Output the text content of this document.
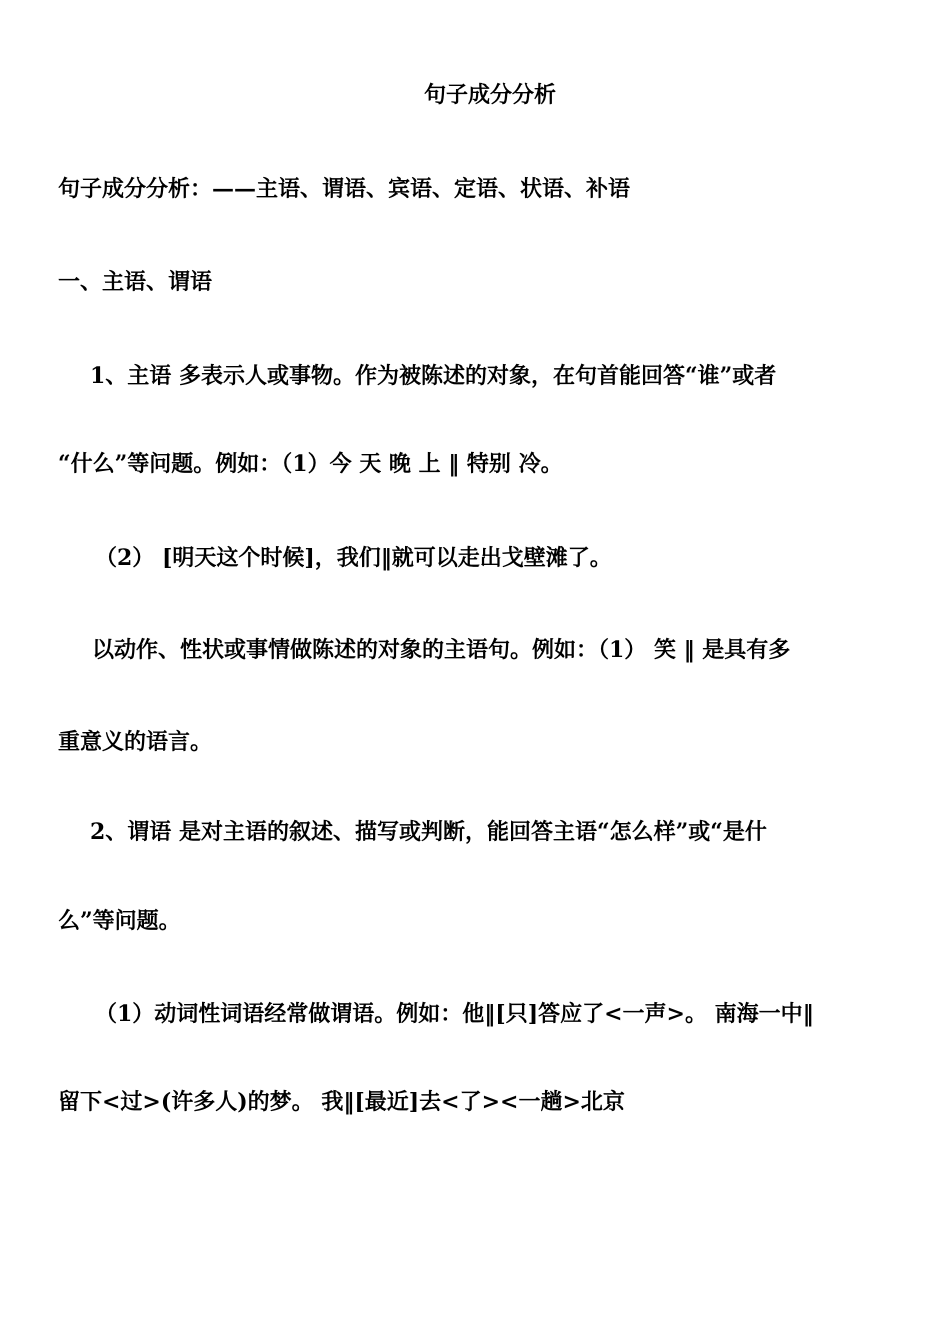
句子成分分析
句子成分分析：——主语、谓语、宾语、定语、状语、补语
一、主语、谓语
1、主语 多表示人或事物。作为被陈述的对象，在句首能回答“谁”或者
“什么”等问题。例如：（1）今 天 晚 上 ‖ 特别 冷。
（2） [明天这个时候]，我们‖就可以走出戈壁滩了。
以动作、性状或事情做陈述的对象的主语句。例如：（1） 笑 ‖ 是具有多
重意义的语言。
2、谓语 是对主语的叙述、描写或判断，能回答主语“怎么样”或“是什
么”等问题。
（1）动词性词语经常做谓语。例如：他‖[只]答应了<一声>。 南海一中‖
留下<过>(许多人)的梦。 我‖[最近]去<了><一趟>北京
